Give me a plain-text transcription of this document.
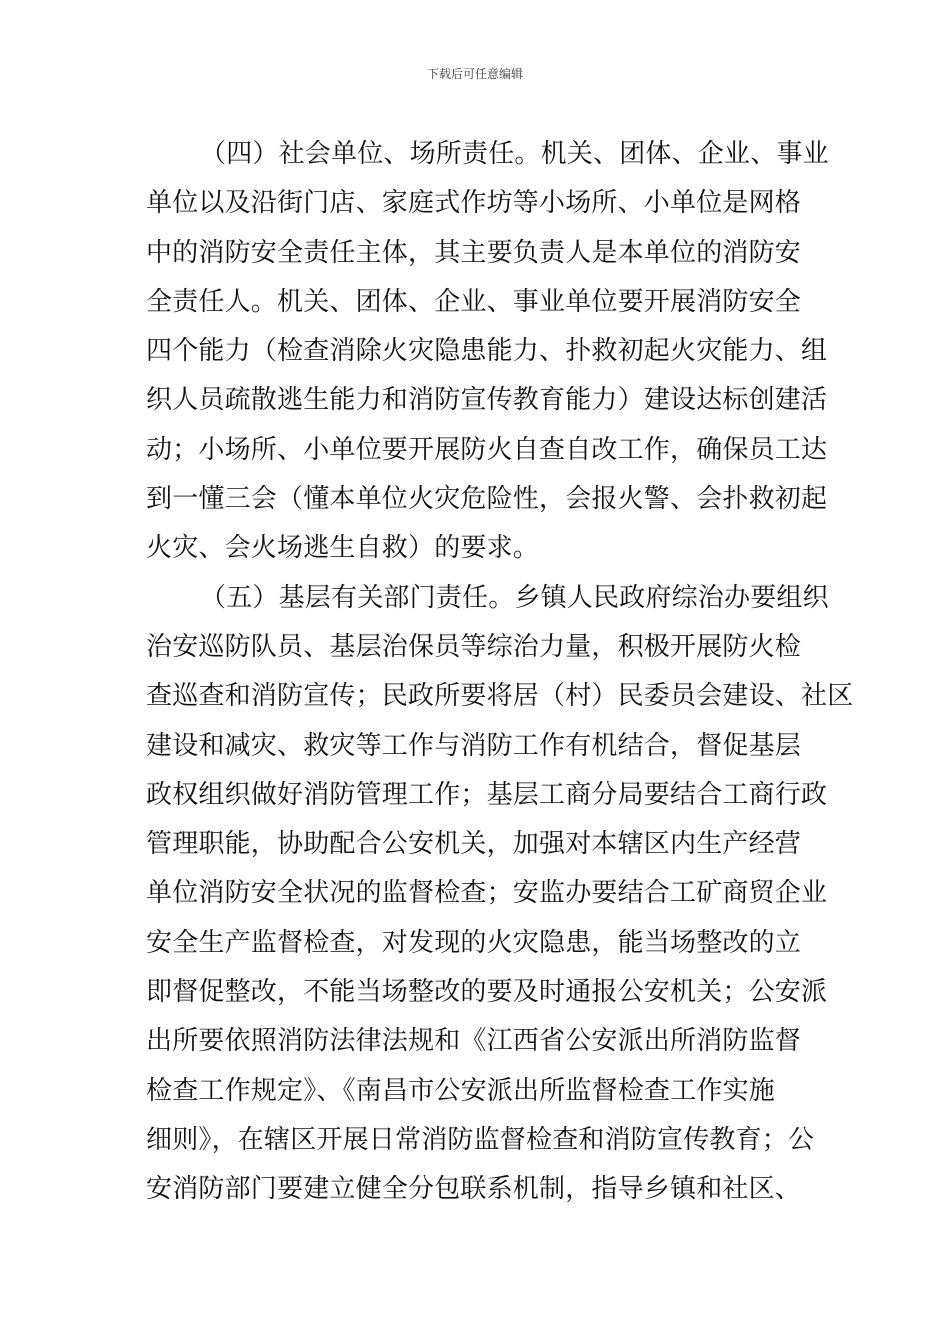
下载后可任意编辑
（四）社会单位、场所责任。机关、团体、企业、事业
单位以及沿街门店、家庭式作坊等小场所、小单位是网格
中的消防安全责任主体，其主要负责人是本单位的消防安
全责任人。机关、团体、企业、事业单位要开展消防安全
四个能力（检查消除火灾隐患能力、扑救初起火灾能力、组
织人员疏散逃生能力和消防宣传教育能力）建设达标创建活
动；小场所、小单位要开展防火自查自改工作，确保员工达
到一懂三会（懂本单位火灾危险性，会报火警、会扑救初起
火灾、会火场逃生自救）的要求。
（五）基层有关部门责任。乡镇人民政府综治办要组织
治安巡防队员、基层治保员等综治力量，积极开展防火检
查巡查和消防宣传；民政所要将居（村）民委员会建设、社区
建设和减灾、救灾等工作与消防工作有机结合，督促基层
政权组织做好消防管理工作；基层工商分局要结合工商行政
管理职能，协助配合公安机关，加强对本辖区内生产经营
单位消防安全状况的监督检查；安监办要结合工矿商贸企业
安全生产监督检查，对发现的火灾隐患，能当场整改的立
即督促整改，不能当场整改的要及时通报公安机关；公安派
出所要依照消防法律法规和《江西省公安派出所消防监督
检查工作规定》、《南昌市公安派出所监督检查工作实施
细则》，在辖区开展日常消防监督检查和消防宣传教育；公
安消防部门要建立健全分包联系机制，指导乡镇和社区、
